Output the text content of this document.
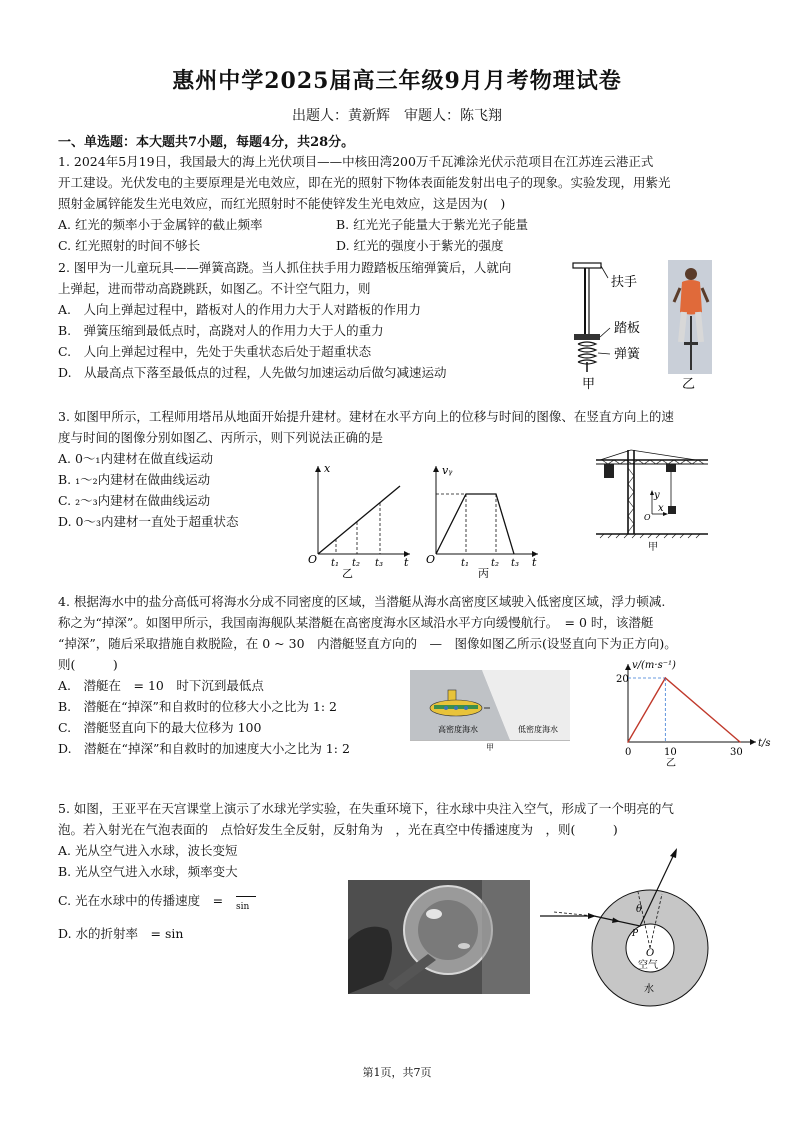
惠州中学2025届高三年级9月月考物理试卷
出题人：黄新辉　审题人：陈飞翔
一、单选题：本大题共7小题，每题4分，共28分。
1. 2024年5月19日，我国最大的海上光伏项目——中核田湾200万千瓦滩涂光伏示范项目在江苏连云港正式
开工建设。光伏发电的主要原理是光电效应，即在光的照射下物体表面能发射出电子的现象。实验发现，用紫光
照射金属锌能发生光电效应，而红光照射时不能使锌发生光电效应，这是因为(　)
A. 红光的频率小于金属锌的截止频率	B. 红光光子能量大于紫光光子能量
C. 红光照射的时间不够长	D. 红光的强度小于紫光的强度
2. 图甲为一儿童玩具——弹簧高跷。当人抓住扶手用力蹬踏板压缩弹簧后，人就向
上弹起，进而带动高跷跳跃，如图乙。不计空气阻力，则
A.　人向上弹起过程中，踏板对人的作用力大于人对踏板的作用力
B.　弹簧压缩到最低点时，高跷对人的作用力大于人的重力
C.　人向上弹起过程中，先处于失重状态后处于超重状态
D.　从最高点下落至最低点的过程，人先做匀加速运动后做匀减速运动
扶手
踏板
弹簧
甲	乙
3. 如图甲所示，工程师用塔吊从地面开始提升建材。建材在水平方向上的位移与时间的图像、在竖直方向上的速
度与时间的图像分别如图乙、丙所示，则下列说法正确的是
A. 0～₁内建材在做直线运动
B. ₁～₂内建材在做曲线运动
C. ₂～₃内建材在做曲线运动
D. 0～₃内建材一直处于超重状态
x
t
O t₁ t₂ t₃
乙
vᵧ
t
O	t₁ t₂ t₃
丙
y
x
O
甲
4. 根据海水中的盐分高低可将海水分成不同密度的区域，当潜艇从海水高密度区域驶入低密度区域，浮力顿减.
称之为“掉深”。如图甲所示，我国南海舰队某潜艇在高密度海水区域沿水平方向缓慢航行。　= 0 时，该潜艇
“掉深”，随后采取措施自救脱险，在 0 ~ 30　内潜艇竖直方向的　—　图像如图乙所示(设竖直向下为正方向)。
则(　　　)
A.　潜艇在　= 10　时下沉到最低点
B.　潜艇在“掉深”和自救时的位移大小之比为 1: 2
C.　潜艇竖直向下的最大位移为 100
D.　潜艇在“掉深”和自救时的加速度大小之比为 1: 2
高密度海水	低密度海水
甲
v/(m·s⁻¹)
t/s
20
0	10	30
乙
5. 如图，王亚平在天宫课堂上演示了水球光学实验，在失重环境下，往水球中央注入空气，形成了一个明亮的气
泡。若入射光在气泡表面的　点恰好发生全反射，反射角为　，光在真空中传播速度为　，则(　　　)
A. 光从空气进入水球，波长变短
B. 光从空气进入水球，频率变大
C. 光在水球中的传播速度　= sin
D. 水的折射率　= sin
θ
P
O
空气
水
第1页，共7页
